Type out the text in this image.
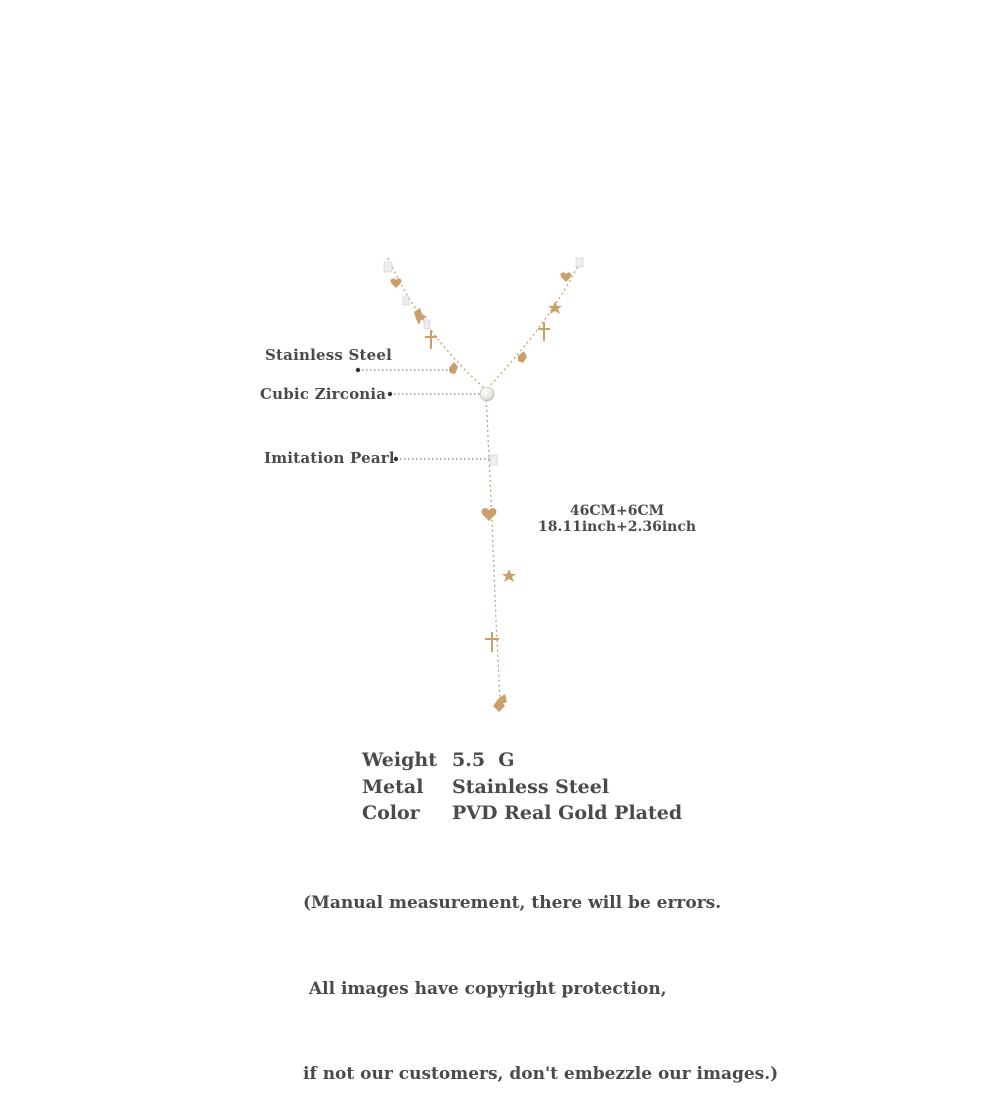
Stainless Steel
Cubic Zirconia
Imitation Pearl
46CM+6CM
18.11inch+2.36inch
Weight 5.5  G
Metal	Stainless Steel
Color	PVD Real Gold Plated

(Manual measurement, there will be errors.

All images have copyright protection,

if not our customers, don't embezzle our images.)
